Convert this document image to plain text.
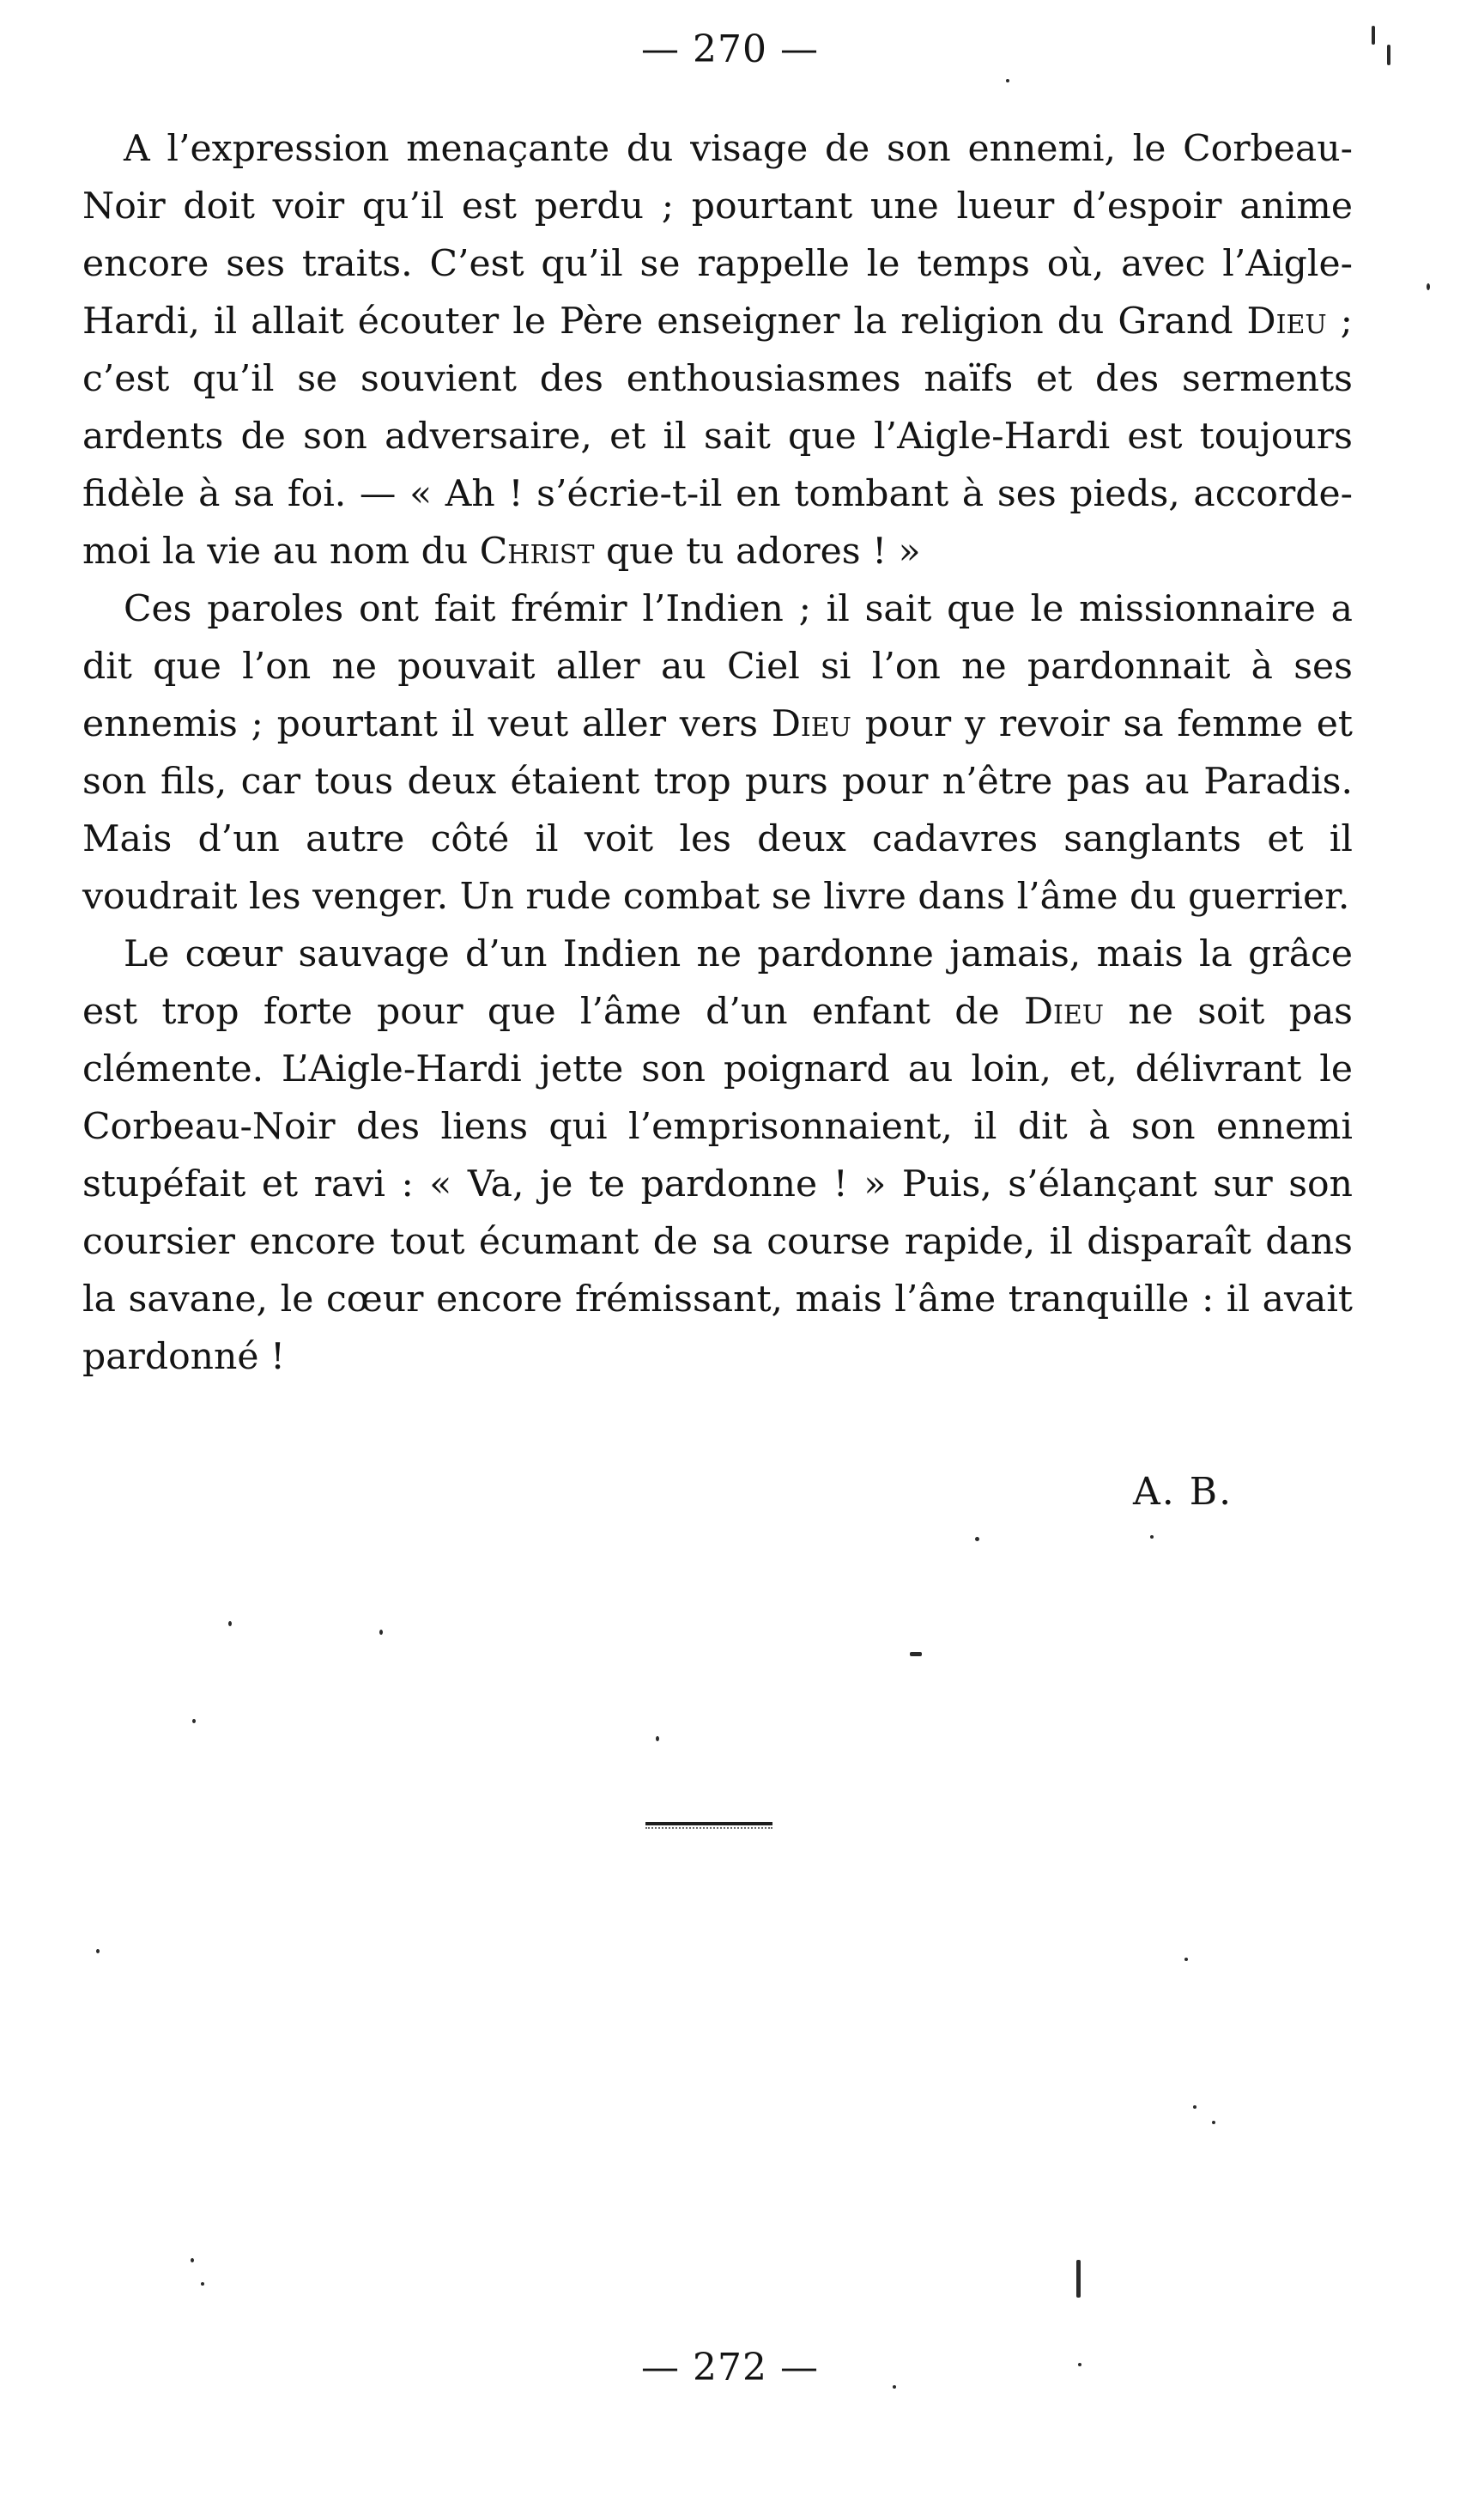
— 270 —

A l’expression menaçante du visage de son ennemi, le Corbeau-Noir doit voir qu’il est perdu ; pourtant une lueur d’espoir anime encore ses traits. C’est qu’il se rappelle le temps où, avec l’Aigle-Hardi, il allait écouter le Père enseigner la religion du Grand Dieu ; c’est qu’il se souvient des enthousiasmes naïfs et des serments ardents de son adversaire, et il sait que l’Aigle-Hardi est toujours fidèle à sa foi. — « Ah ! s’écrie-t-il en tombant à ses pieds, accorde-moi la vie au nom du Christ que tu adores ! »

Ces paroles ont fait frémir l’Indien ; il sait que le missionnaire a dit que l’on ne pouvait aller au Ciel si l’on ne pardonnait à ses ennemis ; pourtant il veut aller vers Dieu pour y revoir sa femme et son fils, car tous deux étaient trop purs pour n’être pas au Paradis. Mais d’un autre côté il voit les deux cadavres sanglants et il voudrait les venger. Un rude combat se livre dans l’âme du guerrier.

Le cœur sauvage d’un Indien ne pardonne jamais, mais la grâce est trop forte pour que l’âme d’un enfant de Dieu ne soit pas clémente. L’Aigle-Hardi jette son poignard au loin, et, délivrant le Corbeau-Noir des liens qui l’emprisonnaient, il dit à son ennemi stupéfait et ravi : « Va, je te pardonne ! » Puis, s’élançant sur son coursier encore tout écumant de sa course rapide, il disparaît dans la savane, le cœur encore frémissant, mais l’âme tranquille : il avait pardonné !

A. B.
— 272 —
